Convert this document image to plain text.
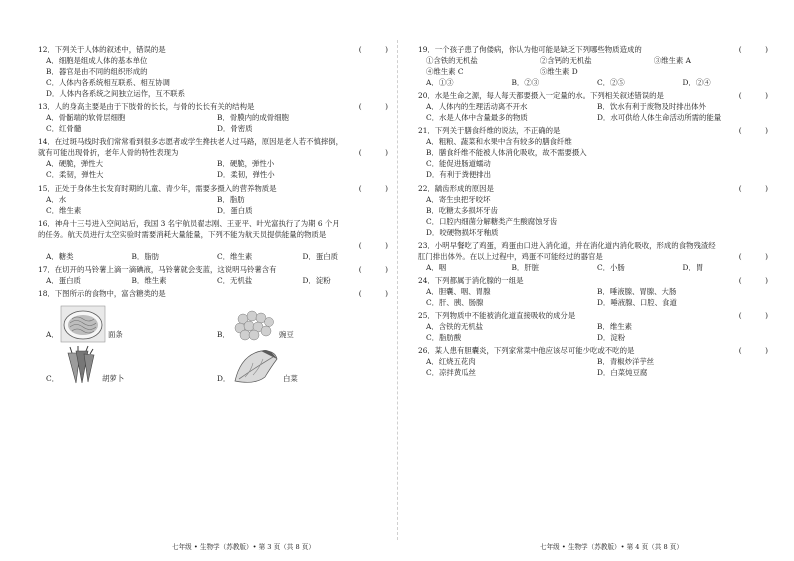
12．下列关于人体的叙述中，错误的是	(          )
A．细胞是组成人体的基本单位
B．器官是由不同的组织形成的
C．人体内各系统相互联系、相互协调
D．人体内各系统之间独立运作，互不联系
13．人的身高主要是由于下肢骨的长长，与骨的长长有关的结构是	(          )
A．骨骺端的软骨层细胞	B．骨膜内的成骨细胞
C．红骨髓	D．骨密质
14．在过斑马线时我们常常看到很多志愿者或学生搀扶老人过马路，原因是老人若不慎摔倒，
就有可能出现骨折，老年人骨的特性表现为	(          )
A．硬脆，弹性大	B．硬脆，弹性小
C．柔韧，弹性大	D．柔韧，弹性小
15．正处于身体生长发育时期的儿童、青少年，需要多摄入的营养物质是	(          )
A．水	B．脂肪
C．维生素	D．蛋白质
16．神舟十三号进入空间站后，我国 3 名宇航员翟志刚、王亚平、叶光富执行了为期 6 个月
的任务。航天员进行太空实验时需要消耗大量能量，下列不能为航天员提供能量的物质是
(          )
A．糖类	B．脂肪	C．维生素	D．蛋白质
17．在切开的马铃薯上滴一滴碘液，马铃薯就会变蓝，这说明马铃薯含有	(          )
A．蛋白质	B．维生素	C．无机盐	D．淀粉
18．下图所示的食物中，富含糖类的是	(          )
A．	面条	B．	豌豆
C．	胡萝卜	D．	白菜
19．一个孩子患了佝偻病，你认为他可能是缺乏下列哪些物质造成的	(          )
①含铁的无机盐	②含钙的无机盐	③维生素 A
④维生素 C	⑤维生素 D
A．①③	B．②③	C．②⑤	D．②④
20．水是生命之源，每人每天都要摄入一定量的水。下列相关叙述错误的是	(          )
A．人体内的生理活动离不开水	B．饮水有利于废物及时排出体外
C．水是人体中含量最多的物质	D．水可供给人体生命活动所需的能量
21．下列关于膳食纤维的说法，不正确的是	(          )
A．粗粮、蔬菜和水果中含有较多的膳食纤维
B．膳食纤维不能被人体消化吸收，故不需要摄入
C．能促进肠道蠕动
D．有利于粪便排出
22．龋齿形成的原因是	(          )
A．寄生虫把牙咬坏
B．吃糖太多损坏牙齿
C．口腔内细菌分解糖类产生酸腐蚀牙齿
D．咬硬物损坏牙釉质
23．小明早餐吃了鸡蛋，鸡蛋由口进入消化道，并在消化道内消化吸收，形成的食物残渣经
肛门排出体外。在以上过程中，鸡蛋不可能经过的器官是	(          )
A．咽	B．肝脏	C．小肠	D．胃
24．下列都属于消化腺的一组是	(          )
A．胆囊、咽、胃腺	B．唾液腺、胃腺、大肠
C．肝、胰、肠腺	D．唾液腺、口腔、食道
25．下列物质中不能被消化道直接吸收的成分是	(          )
A．含铁的无机盐	B．维生素
C．脂肪酸	D．淀粉
26．某人患有胆囊炎，下列家常菜中他应该尽可能少吃或不吃的是	(          )
A．红烧五花肉	B．青椒炒洋芋丝
C．凉拌黄瓜丝	D．白菜炖豆腐
七年级 • 生物学（苏教版）• 第 3 页（共 8 页）	七年级 • 生物学（苏教版）• 第 4 页（共 8 页）
